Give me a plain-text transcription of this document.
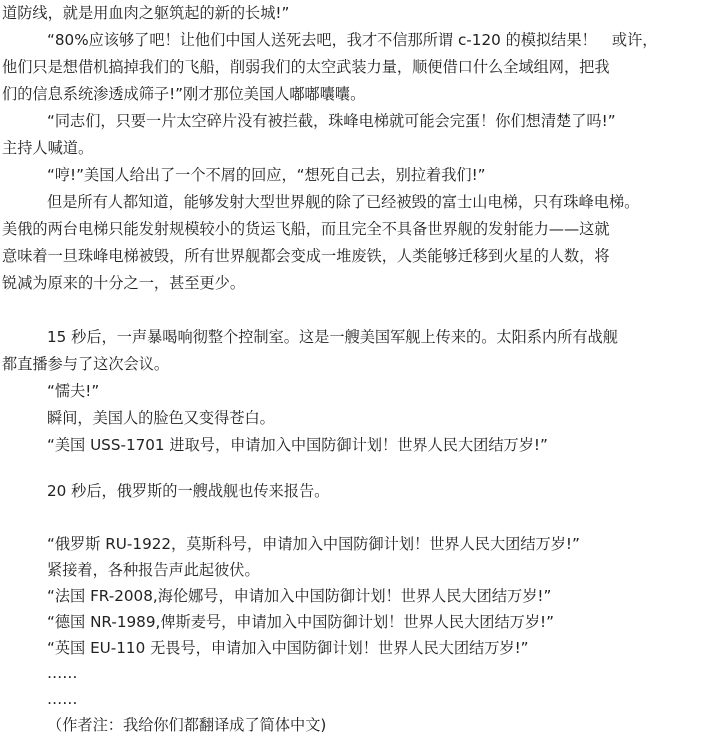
道防线，就是用血肉之躯筑起的新的长城!”
“80%应该够了吧！让他们中国人送死去吧，我才不信那所谓 c-120 的模拟结果！　或许，
他们只是想借机搞掉我们的飞船，削弱我们的太空武装力量，顺便借口什么全域组网，把我
们的信息系统渗透成筛子!”刚才那位美国人嘟嘟囔囔。
“同志们，只要一片太空碎片没有被拦截，珠峰电梯就可能会完蛋！你们想清楚了吗!”
主持人喊道。
“哼!”美国人给出了一个不屑的回应，“想死自己去，别拉着我们!”
但是所有人都知道，能够发射大型世界舰的除了已经被毁的富士山电梯，只有珠峰电梯。
美俄的两台电梯只能发射规模较小的货运飞船，而且完全不具备世界舰的发射能力——这就
意味着一旦珠峰电梯被毁，所有世界舰都会变成一堆废铁，人类能够迁移到火星的人数，将
锐减为原来的十分之一，甚至更少。
15 秒后，一声暴喝响彻整个控制室。这是一艘美国军舰上传来的。太阳系内所有战舰
都直播参与了这次会议。
“懦夫!”
瞬间，美国人的脸色又变得苍白。
“美国 USS-1701 进取号，申请加入中国防御计划！世界人民大团结万岁!”
20 秒后，俄罗斯的一艘战舰也传来报告。
“俄罗斯 RU-1922，莫斯科号，申请加入中国防御计划！世界人民大团结万岁!”
紧接着，各种报告声此起彼伏。
“法国 FR-2008,海伦娜号，申请加入中国防御计划！世界人民大团结万岁!”
“德国 NR-1989,俾斯麦号，申请加入中国防御计划！世界人民大团结万岁!”
“英国 EU-110 无畏号，申请加入中国防御计划！世界人民大团结万岁!”
……
……
（作者注：我给你们都翻译成了简体中文)
